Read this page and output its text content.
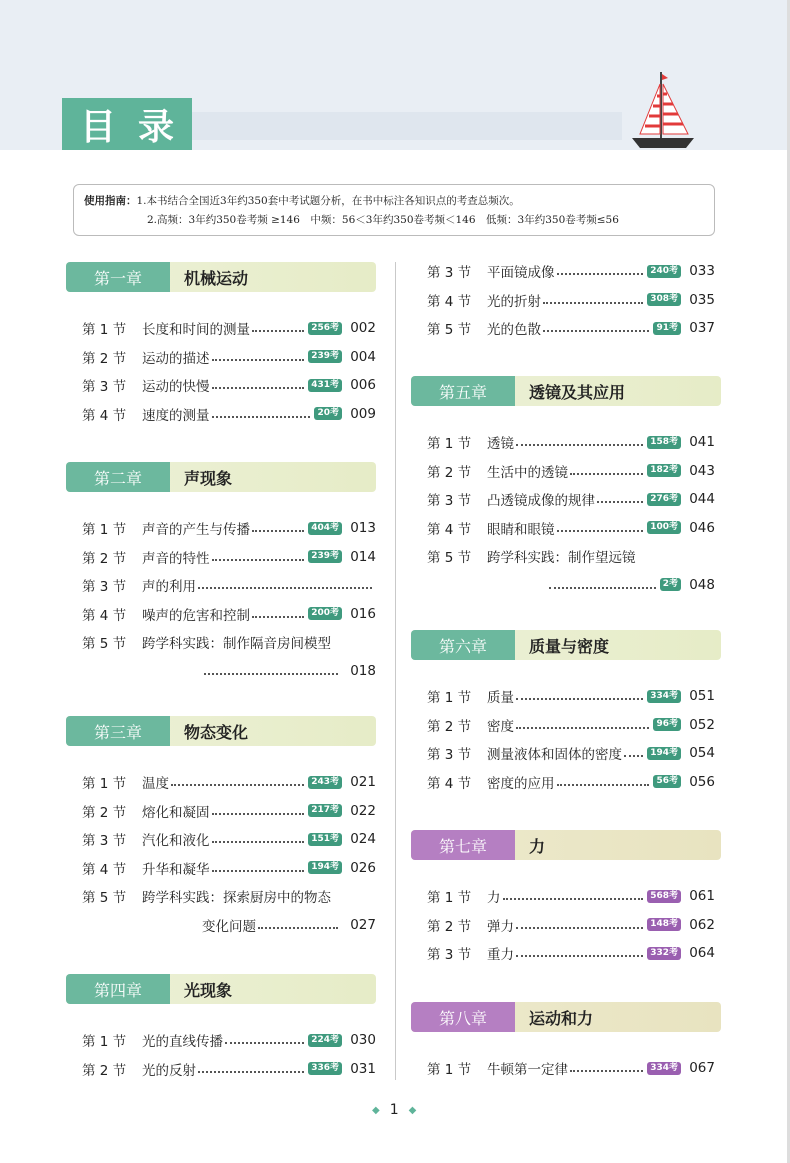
目 录
使用指南：1.本书结合全国近3年约350套中考试题分析，在书中标注各知识点的考查总频次。
2.高频：3年约350卷考频 ≥146　中频：56＜3年约350卷考频＜146　低频：3年约350卷考频≤56
第一章	机械运动
第 1 节	长度和时间的测量	256考 002
第 2 节	运动的描述	239考 004
第 3 节	运动的快慢	431考 006
第 4 节	速度的测量	20考 009
第二章	声现象
第 1 节	声音的产生与传播	404考 013
第 2 节	声音的特性	239考 014
第 3 节	声的利用
第 4 节	噪声的危害和控制	200考 016
第 5 节	跨学科实践：制作隔音房间模型
018
第三章	物态变化
第 1 节	温度	243考 021
第 2 节	熔化和凝固	217考 022
第 3 节	汽化和液化	151考 024
第 4 节	升华和凝华	194考 026
第 5 节	跨学科实践：探索厨房中的物态
变化问题	027
第四章	光现象
第 1 节	光的直线传播	224考 030
第 2 节	光的反射	336考 031
第 3 节	平面镜成像	240考 033
第 4 节	光的折射	308考 035
第 5 节	光的色散	91考 037
第五章	透镜及其应用
第 1 节	透镜	158考 041
第 2 节	生活中的透镜	182考 043
第 3 节	凸透镜成像的规律	276考 044
第 4 节	眼睛和眼镜	100考 046
第 5 节	跨学科实践：制作望远镜
2考 048
第六章	质量与密度
第 1 节	质量	334考 051
第 2 节	密度	96考 052
第 3 节	测量液体和固体的密度	194考 054
第 4 节	密度的应用	56考 056
第七章	力
第 1 节	力	568考 061
第 2 节	弹力	148考 062
第 3 节	重力	332考 064
第八章	运动和力
第 1 节	牛顿第一定律	334考 067
◆ 1 ◆
